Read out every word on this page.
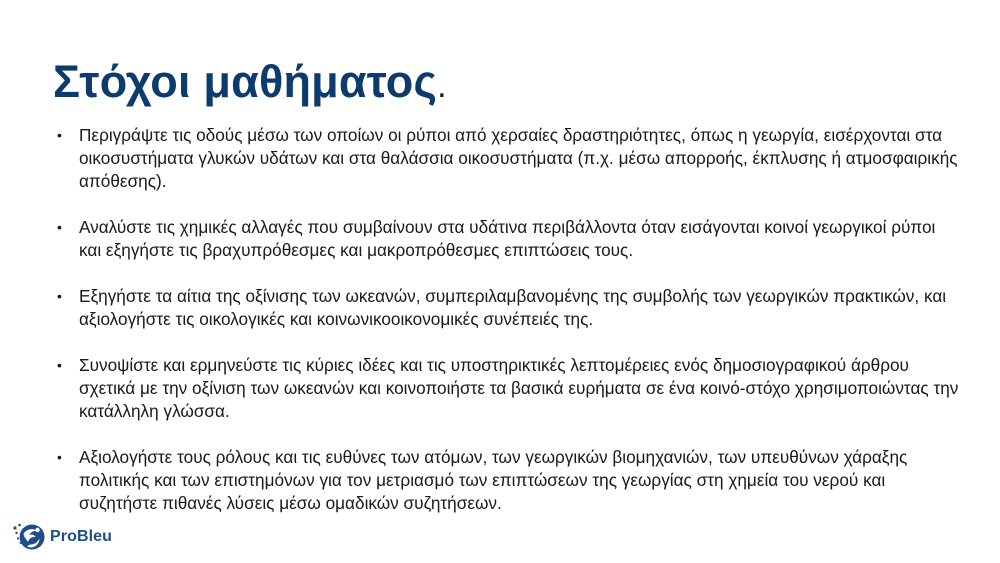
Στόχοι μαθήματος.
• Περιγράψτε τις οδούς μέσω των οποίων οι ρύποι από χερσαίες δραστηριότητες, όπως η γεωργία, εισέρχονται στα οικοσυστήματα γλυκών υδάτων και στα θαλάσσια οικοσυστήματα (π.χ. μέσω απορροής, έκπλυσης ή ατμοσφαιρικής απόθεσης).
• Αναλύστε τις χημικές αλλαγές που συμβαίνουν στα υδάτινα περιβάλλοντα όταν εισάγονται κοινοί γεωργικοί ρύποι και εξηγήστε τις βραχυπρόθεσμες και μακροπρόθεσμες επιπτώσεις τους.
• Εξηγήστε τα αίτια της οξίνισης των ωκεανών, συμπεριλαμβανομένης της συμβολής των γεωργικών πρακτικών, και αξιολογήστε τις οικολογικές και κοινωνικοοικονομικές συνέπειές της.
• Συνοψίστε και ερμηνεύστε τις κύριες ιδέες και τις υποστηρικτικές λεπτομέρειες ενός δημοσιογραφικού άρθρου σχετικά με την οξίνιση των ωκεανών και κοινοποιήστε τα βασικά ευρήματα σε ένα κοινό-στόχο χρησιμοποιώντας την κατάλληλη γλώσσα.
• Αξιολογήστε τους ρόλους και τις ευθύνες των ατόμων, των γεωργικών βιομηχανιών, των υπευθύνων χάραξης πολιτικής και των επιστημόνων για τον μετριασμό των επιπτώσεων της γεωργίας στη χημεία του νερού και συζητήστε πιθανές λύσεις μέσω ομαδικών συζητήσεων.
ProBleu
